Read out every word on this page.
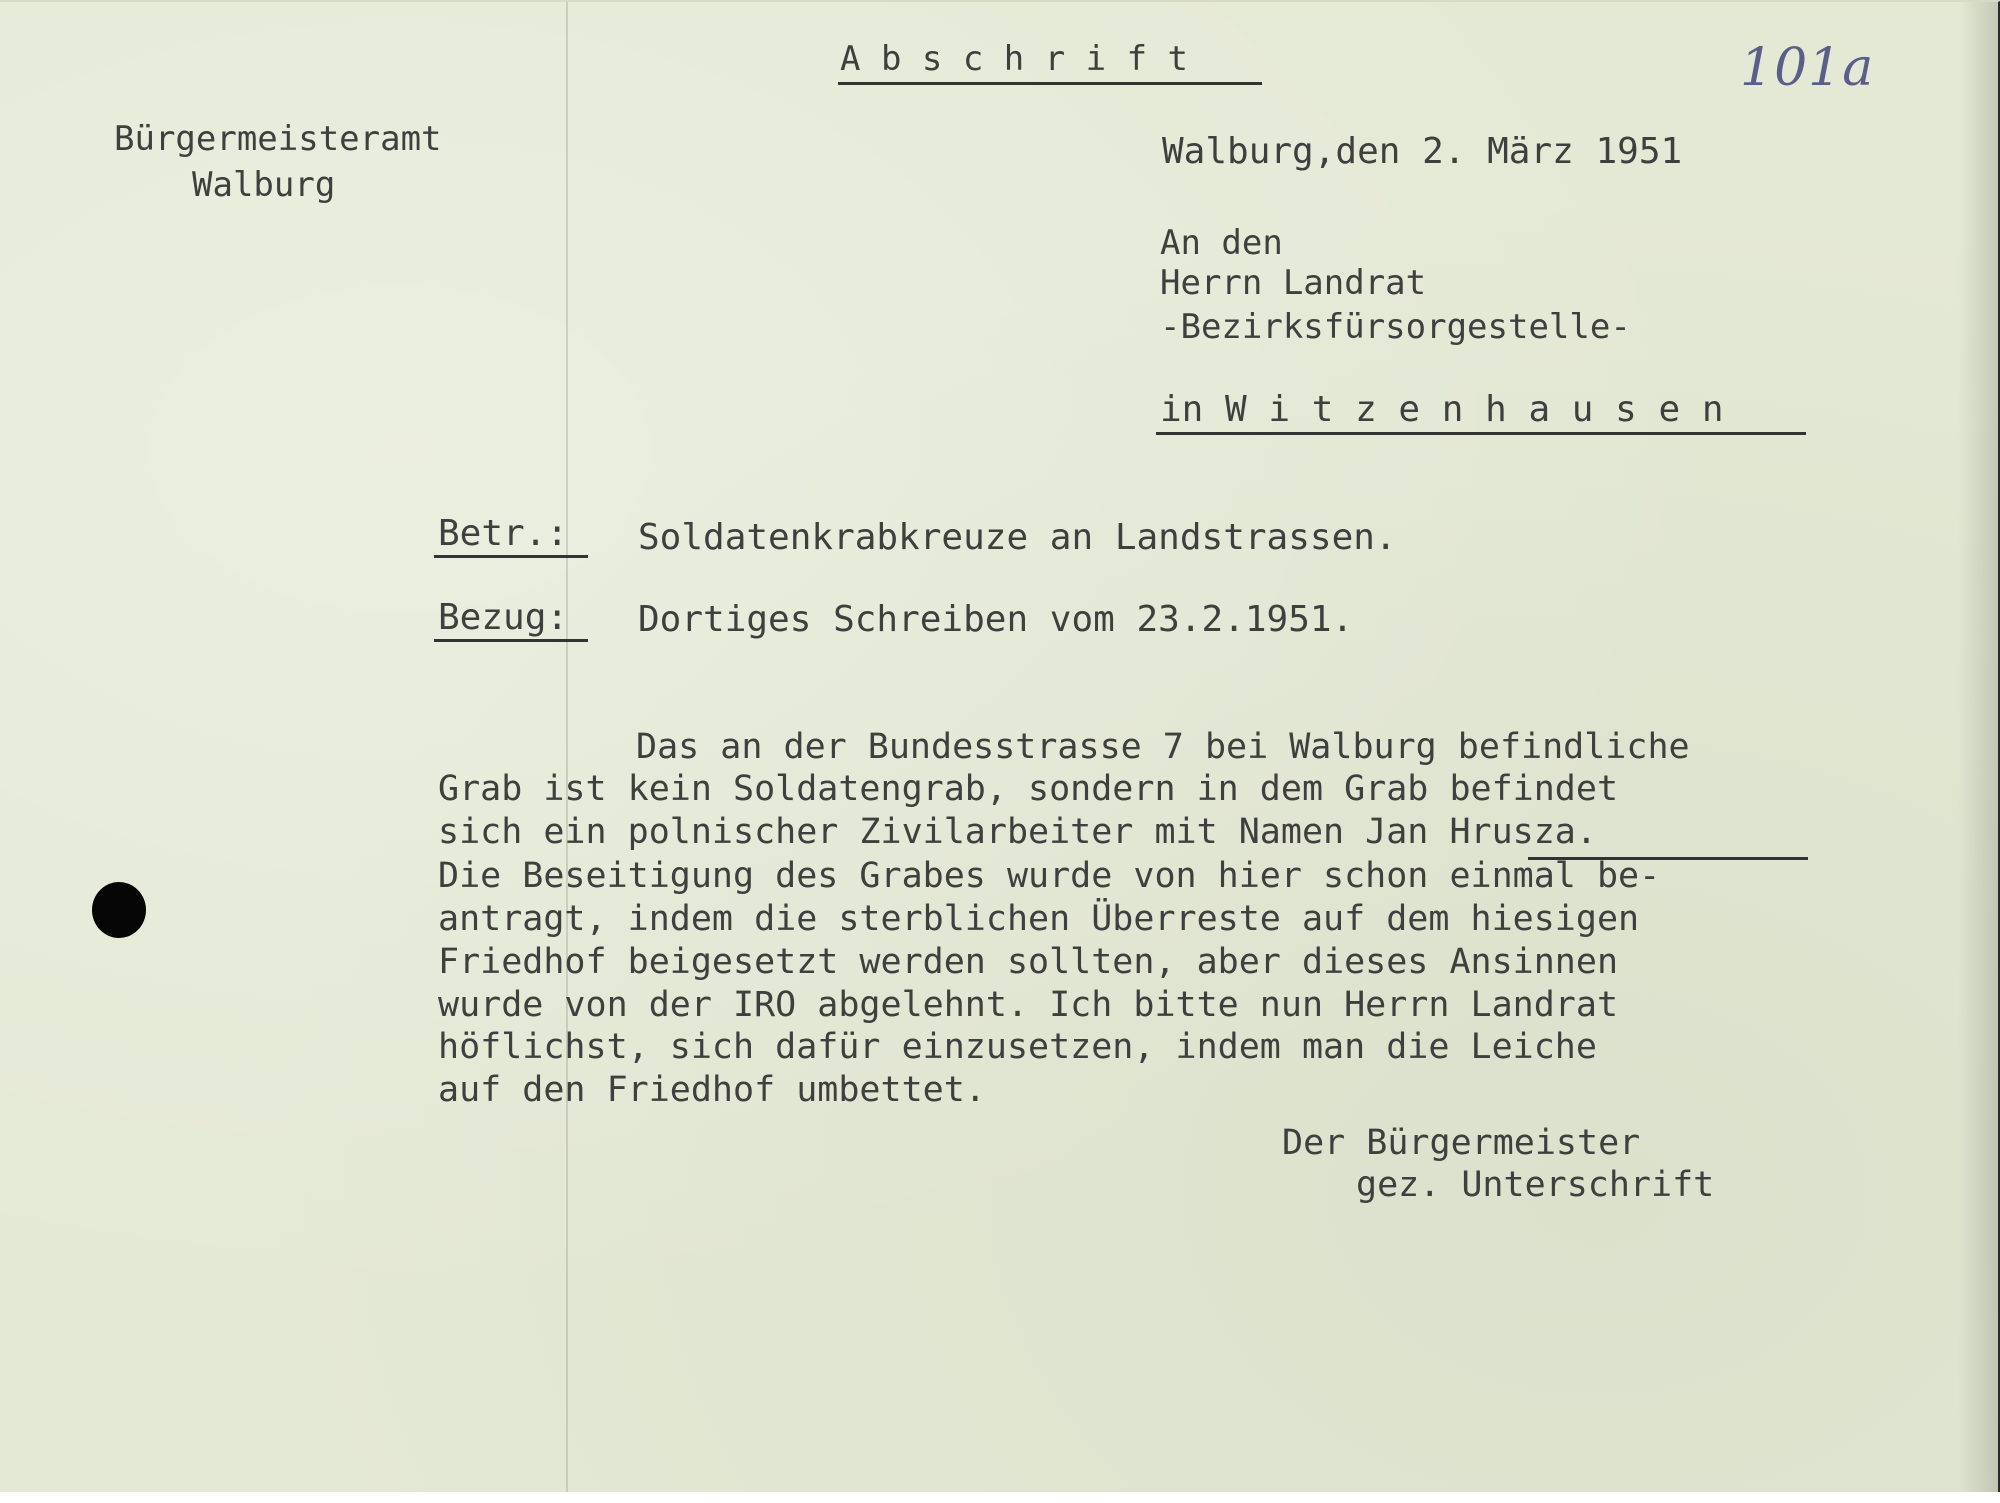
A b s c h r i f t	101a
Bürgermeisteramt
Walburg
Walburg,den 2. März 1951
An den
Herrn Landrat
-Bezirksfürsorgestelle-
in W i t z e n h a u s e n
Betr.: Soldatenkrabkreuze an Landstrassen.
Bezug: Dortiges Schreiben vom 23.2.1951.
Das an der Bundesstrasse 7 bei Walburg befindliche
Grab ist kein Soldatengrab, sondern in dem Grab befindet
sich ein polnischer Zivilarbeiter mit Namen Jan Hrusza.
Die Beseitigung des Grabes wurde von hier schon einmal be-
antragt, indem die sterblichen Überreste auf dem hiesigen
Friedhof beigesetzt werden sollten, aber dieses Ansinnen
wurde von der IRO abgelehnt. Ich bitte nun Herrn Landrat
höflichst, sich dafür einzusetzen, indem man die Leiche
auf den Friedhof umbettet.
Der Bürgermeister
gez. Unterschrift
